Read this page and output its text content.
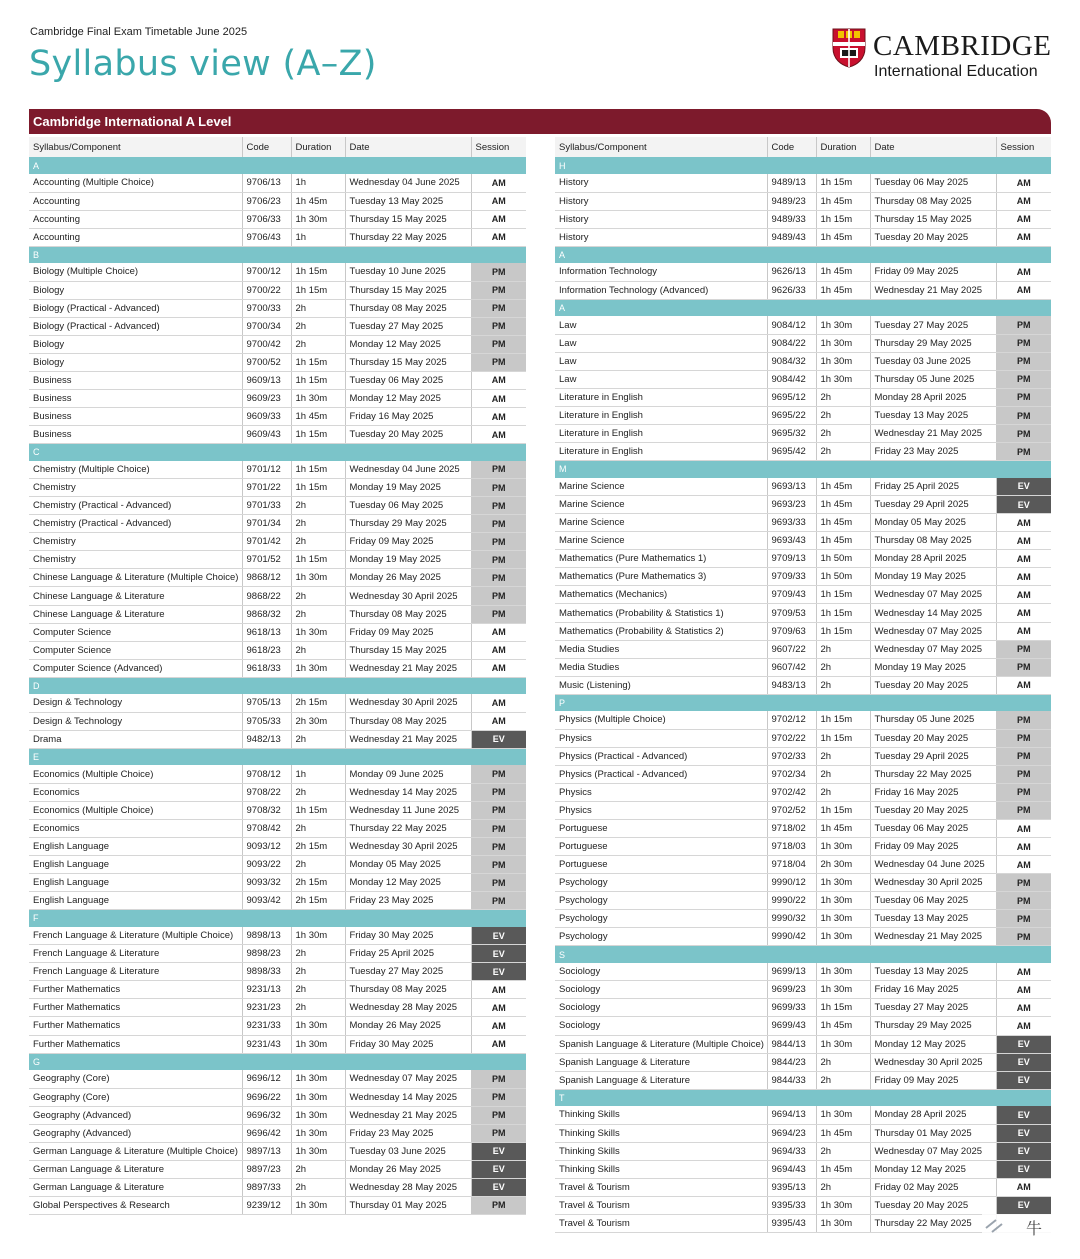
Cambridge Final Exam Timetable June 2025
Syllabus view (A–Z)	CAMBRIDGE
International Education
Cambridge International A Level
Syllabus/Component	Code	Duration	Date	Session
A				
Accounting (Multiple Choice)	9706/13	1h	Wednesday 04 June 2025	AM
Accounting	9706/23	1h 45m	Tuesday 13 May 2025	AM
Accounting	9706/33	1h 30m	Thursday 15 May 2025	AM
Accounting	9706/43	1h	Thursday 22 May 2025	AM
B				
Biology (Multiple Choice)	9700/12	1h 15m	Tuesday 10 June 2025	PM
Biology	9700/22	1h 15m	Thursday 15 May 2025	PM
Biology (Practical - Advanced)	9700/33	2h	Thursday 08 May 2025	PM
Biology (Practical - Advanced)	9700/34	2h	Tuesday 27 May 2025	PM
Biology	9700/42	2h	Monday 12 May 2025	PM
Biology	9700/52	1h 15m	Thursday 15 May 2025	PM
Business	9609/13	1h 15m	Tuesday 06 May 2025	AM
Business	9609/23	1h 30m	Monday 12 May 2025	AM
Business	9609/33	1h 45m	Friday 16 May 2025	AM
Business	9609/43	1h 15m	Tuesday 20 May 2025	AM
C				
Chemistry (Multiple Choice)	9701/12	1h 15m	Wednesday 04 June 2025	PM
Chemistry	9701/22	1h 15m	Monday 19 May 2025	PM
Chemistry (Practical - Advanced)	9701/33	2h	Tuesday 06 May 2025	PM
Chemistry (Practical - Advanced)	9701/34	2h	Thursday 29 May 2025	PM
Chemistry	9701/42	2h	Friday 09 May 2025	PM
Chemistry	9701/52	1h 15m	Monday 19 May 2025	PM
Chinese Language & Literature (Multiple Choice)	9868/12	1h 30m	Monday 26 May 2025	PM
Chinese Language & Literature	9868/22	2h	Wednesday 30 April 2025	PM
Chinese Language & Literature	9868/32	2h	Thursday 08 May 2025	PM
Computer Science	9618/13	1h 30m	Friday 09 May 2025	AM
Computer Science	9618/23	2h	Thursday 15 May 2025	AM
Computer Science (Advanced)	9618/33	1h 30m	Wednesday 21 May 2025	AM
D				
Design & Technology	9705/13	2h 15m	Wednesday 30 April 2025	AM
Design & Technology	9705/33	2h 30m	Thursday 08 May 2025	AM
Drama	9482/13	2h	Wednesday 21 May 2025	EV
E				
Economics (Multiple Choice)	9708/12	1h	Monday 09 June 2025	PM
Economics	9708/22	2h	Wednesday 14 May 2025	PM
Economics (Multiple Choice)	9708/32	1h 15m	Wednesday 11 June 2025	PM
Economics	9708/42	2h	Thursday 22 May 2025	PM
English Language	9093/12	2h 15m	Wednesday 30 April 2025	PM
English Language	9093/22	2h	Monday 05 May 2025	PM
English Language	9093/32	2h 15m	Monday 12 May 2025	PM
English Language	9093/42	2h 15m	Friday 23 May 2025	PM
F				
French Language & Literature (Multiple Choice)	9898/13	1h 30m	Friday 30 May 2025	EV
French Language & Literature	9898/23	2h	Friday 25 April 2025	EV
French Language & Literature	9898/33	2h	Tuesday 27 May 2025	EV
Further Mathematics	9231/13	2h	Thursday 08 May 2025	AM
Further Mathematics	9231/23	2h	Wednesday 28 May 2025	AM
Further Mathematics	9231/33	1h 30m	Monday 26 May 2025	AM
Further Mathematics	9231/43	1h 30m	Friday 30 May 2025	AM
G				
Geography (Core)	9696/12	1h 30m	Wednesday 07 May 2025	PM
Geography (Core)	9696/22	1h 30m	Wednesday 14 May 2025	PM
Geography (Advanced)	9696/32	1h 30m	Wednesday 21 May 2025	PM
Geography (Advanced)	9696/42	1h 30m	Friday 23 May 2025	PM
German Language & Literature (Multiple Choice)	9897/13	1h 30m	Tuesday 03 June 2025	EV
German Language & Literature	9897/23	2h	Monday 26 May 2025	EV
German Language & Literature	9897/33	2h	Wednesday 28 May 2025	EV
Global Perspectives & Research	9239/12	1h 30m	Thursday 01 May 2025	PM
Syllabus/Component	Code	Duration	Date	Session
H				
History	9489/13	1h 15m	Tuesday 06 May 2025	AM
History	9489/23	1h 45m	Thursday 08 May 2025	AM
History	9489/33	1h 15m	Thursday 15 May 2025	AM
History	9489/43	1h 45m	Tuesday 20 May 2025	AM
A				
Information Technology	9626/13	1h 45m	Friday 09 May 2025	AM
Information Technology (Advanced)	9626/33	1h 45m	Wednesday 21 May 2025	AM
A				
Law	9084/12	1h 30m	Tuesday 27 May 2025	PM
Law	9084/22	1h 30m	Thursday 29 May 2025	PM
Law	9084/32	1h 30m	Tuesday 03 June 2025	PM
Law	9084/42	1h 30m	Thursday 05 June 2025	PM
Literature in English	9695/12	2h	Monday 28 April 2025	PM
Literature in English	9695/22	2h	Tuesday 13 May 2025	PM
Literature in English	9695/32	2h	Wednesday 21 May 2025	PM
Literature in English	9695/42	2h	Friday 23 May 2025	PM
M				
Marine Science	9693/13	1h 45m	Friday 25 April 2025	EV
Marine Science	9693/23	1h 45m	Tuesday 29 April 2025	EV
Marine Science	9693/33	1h 45m	Monday 05 May 2025	AM
Marine Science	9693/43	1h 45m	Thursday 08 May 2025	AM
Mathematics (Pure Mathematics 1)	9709/13	1h 50m	Monday 28 April 2025	AM
Mathematics (Pure Mathematics 3)	9709/33	1h 50m	Monday 19 May 2025	AM
Mathematics (Mechanics)	9709/43	1h 15m	Wednesday 07 May 2025	AM
Mathematics (Probability & Statistics 1)	9709/53	1h 15m	Wednesday 14 May 2025	AM
Mathematics (Probability & Statistics 2)	9709/63	1h 15m	Wednesday 07 May 2025	AM
Media Studies	9607/22	2h	Wednesday 07 May 2025	PM
Media Studies	9607/42	2h	Monday 19 May 2025	PM
Music (Listening)	9483/13	2h	Tuesday 20 May 2025	AM
P				
Physics (Multiple Choice)	9702/12	1h 15m	Thursday 05 June 2025	PM
Physics	9702/22	1h 15m	Tuesday 20 May 2025	PM
Physics (Practical - Advanced)	9702/33	2h	Tuesday 29 April 2025	PM
Physics (Practical - Advanced)	9702/34	2h	Thursday 22 May 2025	PM
Physics	9702/42	2h	Friday 16 May 2025	PM
Physics	9702/52	1h 15m	Tuesday 20 May 2025	PM
Portuguese	9718/02	1h 45m	Tuesday 06 May 2025	AM
Portuguese	9718/03	1h 30m	Friday 09 May 2025	AM
Portuguese	9718/04	2h 30m	Wednesday 04 June 2025	AM
Psychology	9990/12	1h 30m	Wednesday 30 April 2025	PM
Psychology	9990/22	1h 30m	Tuesday 06 May 2025	PM
Psychology	9990/32	1h 30m	Tuesday 13 May 2025	PM
Psychology	9990/42	1h 30m	Wednesday 21 May 2025	PM
S				
Sociology	9699/13	1h 30m	Tuesday 13 May 2025	AM
Sociology	9699/23	1h 30m	Friday 16 May 2025	AM
Sociology	9699/33	1h 15m	Tuesday 27 May 2025	AM
Sociology	9699/43	1h 45m	Thursday 29 May 2025	AM
Spanish Language & Literature (Multiple Choice)	9844/13	1h 30m	Monday 12 May 2025	EV
Spanish Language & Literature	9844/23	2h	Wednesday 30 April 2025	EV
Spanish Language & Literature	9844/33	2h	Friday 09 May 2025	EV
T				
Thinking Skills	9694/13	1h 30m	Monday 28 April 2025	EV
Thinking Skills	9694/23	1h 45m	Thursday 01 May 2025	EV
Thinking Skills	9694/33	2h	Wednesday 07 May 2025	EV
Thinking Skills	9694/43	1h 45m	Monday 12 May 2025	EV
Travel & Tourism	9395/13	2h	Friday 02 May 2025	AM
Travel & Tourism	9395/33	1h 30m	Tuesday 20 May 2025	EV
Travel & Tourism	9395/43	1h 30m	Thursday 22 May 2025		牛
